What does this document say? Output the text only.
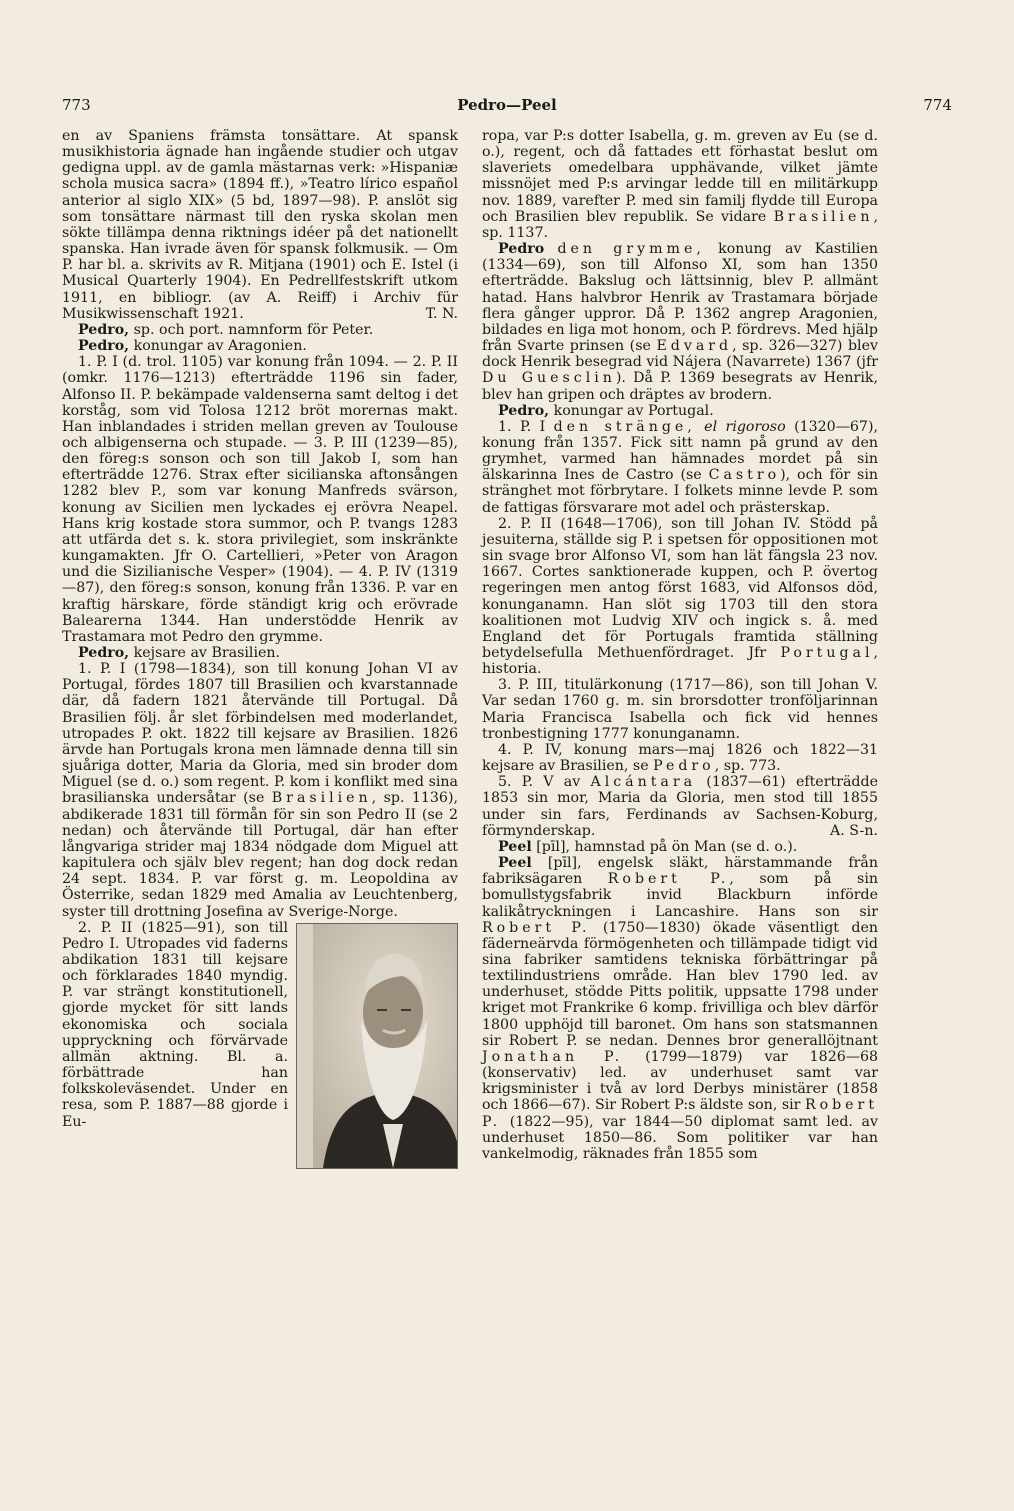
773	Pedro—Peel	774

en av Spaniens främsta tonsättare. At spansk musikhistoria ägnade han ingående studier och utgav gedigna uppl. av de gamla mästarnas verk: »Hispaniæ schola musica sacra» (1894 ff.), »Teatro lírico español anterior al siglo XIX» (5 bd, 1897—98). P. anslöt sig som tonsättare närmast till den ryska skolan men sökte tillämpa denna riktnings idéer på det nationellt spanska. Han ivrade även för spansk folkmusik. — Om P. har bl. a. skrivits av R. Mitjana (1901) och E. Istel (i Musical Quarterly 1904). En Pedrellfestskrift utkom 1911, en bibliogr. (av A. Reiff) i Archiv für Musikwissenschaft 1921.	T. N.

Pedro, sp. och port. namnform för Peter.

Pedro, konungar av Aragonien.

1. P. I (d. trol. 1105) var konung från 1094. — 2. P. II (omkr. 1176—1213) efterträdde 1196 sin fader, Alfonso II. P. bekämpade valdenserna samt deltog i det korståg, som vid Tolosa 1212 bröt morernas makt. Han inblandades i striden mellan greven av Toulouse och albigenserna och stupade. — 3. P. III (1239—85), den föreg:s sonson och son till Jakob I, som han efterträdde 1276. Strax efter sicilianska aftonsången 1282 blev P., som var konung Manfreds svärson, konung av Sicilien men lyckades ej erövra Neapel. Hans krig kostade stora summor, och P. tvangs 1283 att utfärda det s. k. stora privilegiet, som inskränkte kungamakten. Jfr O. Cartellieri, »Peter von Aragon und die Sizilianische Vesper» (1904). — 4. P. IV (1319—87), den föreg:s sonson, konung från 1336. P. var en kraftig härskare, förde ständigt krig och erövrade Balearerna 1344. Han understödde Henrik av Trastamara mot Pedro den grymme.

Pedro, kejsare av Brasilien.

1. P. I (1798—1834), son till konung Johan VI av Portugal, fördes 1807 till Brasilien och kvarstannade där, då fadern 1821 återvände till Portugal. Då Brasilien följ. år slet förbindelsen med moderlandet, utropades P. okt. 1822 till kejsare av Brasilien. 1826 ärvde han Portugals krona men lämnade denna till sin sjuåriga dotter, Maria da Gloria, med sin broder dom Miguel (se d. o.) som regent. P. kom i konflikt med sina brasilianska undersåtar (se Brasilien, sp. 1136), abdikerade 1831 till förmån för sin son Pedro II (se 2 nedan) och återvände till Portugal, där han efter långvariga strider maj 1834 nödgade dom Miguel att kapitulera och själv blev regent; han dog dock redan 24 sept. 1834. P. var först g. m. Leopoldina av Österrike, sedan 1829 med Amalia av Leuchtenberg, syster till drottning Josefina av Sverige-Norge.

2. P. II (1825—91), son till Pedro I. Utropades vid faderns abdikation 1831 till kejsare och förklarades 1840 myndig. P. var strängt konstitutionell, gjorde mycket för sitt lands ekonomiska och sociala uppryckning och förvärvade allmän aktning. Bl. a. förbättrade han folkskoleväsendet. Under en resa, som P. 1887—88 gjorde i Eu-

ropa, var P:s dotter Isabella, g. m. greven av Eu (se d. o.), regent, och då fattades ett förhastat beslut om slaveriets omedelbara upphävande, vilket jämte missnöjet med P:s arvingar ledde till en militärkupp nov. 1889, varefter P. med sin familj flydde till Europa och Brasilien blev republik. Se vidare Brasilien, sp. 1137.

Pedro den grymme, konung av Kastilien (1334—69), son till Alfonso XI, som han 1350 efterträdde. Bakslug och lättsinnig, blev P. allmänt hatad. Hans halvbror Henrik av Trastamara började flera gånger uppror. Då P. 1362 angrep Aragonien, bildades en liga mot honom, och P. fördrevs. Med hjälp från Svarte prinsen (se Edvard, sp. 326—327) blev dock Henrik besegrad vid Nájera (Navarrete) 1367 (jfr Du Guesclin). Då P. 1369 besegrats av Henrik, blev han gripen och dräptes av brodern.

Pedro, konungar av Portugal.

1. P. I den stränge, el rigoroso (1320—67), konung från 1357. Fick sitt namn på grund av den grymhet, varmed han hämnades mordet på sin älskarinna Ines de Castro (se Castro), och för sin stränghet mot förbrytare. I folkets minne levde P. som de fattigas försvarare mot adel och prästerskap.

2. P. II (1648—1706), son till Johan IV. Stödd på jesuiterna, ställde sig P. i spetsen för oppositionen mot sin svage bror Alfonso VI, som han lät fängsla 23 nov. 1667. Cortes sanktionerade kuppen, och P. övertog regeringen men antog först 1683, vid Alfonsos död, konunganamn. Han slöt sig 1703 till den stora koalitionen mot Ludvig XIV och ingick s. å. med England det för Portugals framtida ställning betydelsefulla Methuenfördraget. Jfr Portugal, historia.

3. P. III, titulärkonung (1717—86), son till Johan V. Var sedan 1760 g. m. sin brorsdotter tronföljarinnan Maria Francisca Isabella och fick vid hennes tronbestigning 1777 konunganamn.

4. P. IV, konung mars—maj 1826 och 1822—31 kejsare av Brasilien, se Pedro, sp. 773.

5. P. V av Alcántara (1837—61) efterträdde 1853 sin mor, Maria da Gloria, men stod till 1855 under sin fars, Ferdinands av Sachsen-Koburg, förmynderskap.	A. S-n.

Peel [pīl], hamnstad på ön Man (se d. o.).

Peel [pīl], engelsk släkt, härstammande från fabriksägaren Robert P., som på sin bomullstygsfabrik invid Blackburn införde kalikåtryckningen i Lancashire. Hans son sir Robert P. (1750—1830) ökade väsentligt den fäderneärvda förmögenheten och tillämpade tidigt vid sina fabriker samtidens tekniska förbättringar på textilindustriens område. Han blev 1790 led. av underhuset, stödde Pitts politik, uppsatte 1798 under kriget mot Frankrike 6 komp. frivilliga och blev därför 1800 upphöjd till baronet. Om hans son statsmannen sir Robert P. se nedan. Dennes bror generallöjtnant Jonathan P. (1799—1879) var 1826—68 (konservativ) led. av underhuset samt var krigsminister i två av lord Derbys ministärer (1858 och 1866—67). Sir Robert P:s äldste son, sir Robert P. (1822—95), var 1844—50 diplomat samt led. av underhuset 1850—86. Som politiker var han vankelmodig, räknades från 1855 som
